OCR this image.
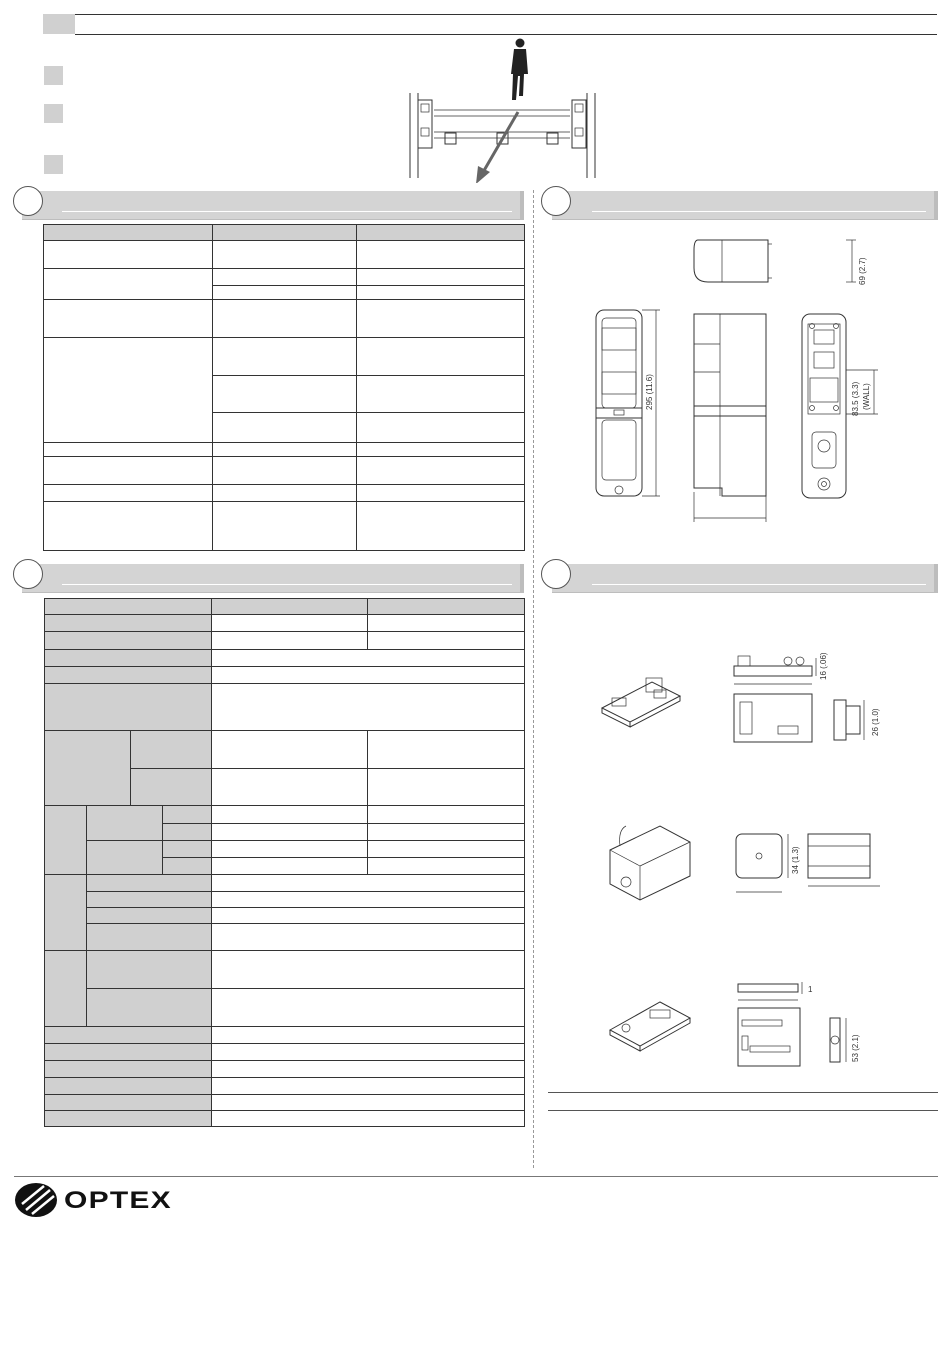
69 (2.7)
295 (11.6)	83.5 (3.3) (WALL)
16 (.06)
26 (1.0)
34 (1.3)
1
53 (2.1)
OPTEX
